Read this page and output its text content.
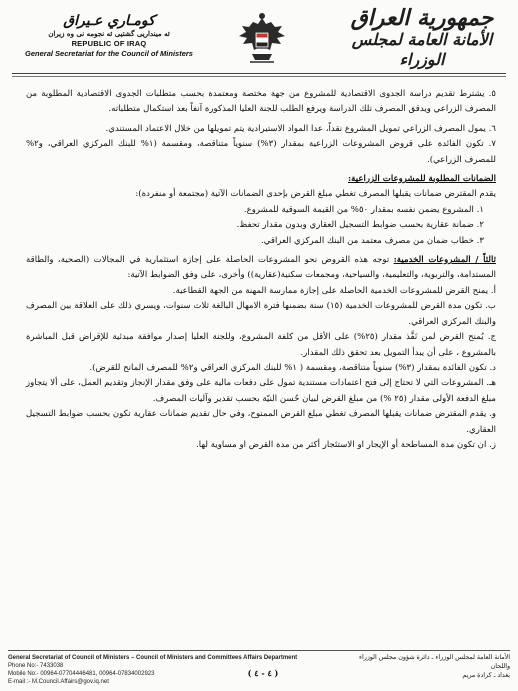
جمهورية العراق
الأمانة العامة لمجلس الوزراء
كومـاري عـيراق
ئه مینداریی گشتیی ئه نجومه نی وه زیران
REPUBLIC OF IRAQ
General Secretariat for the Council of Ministers

٥. يشترط تقديم دراسة الجدوى الاقتصادية للمشروع من جهة مختصة ومعتمدة بحسب متطلبات الجدوى الاقتصادية المطلوبة من المصرف الزراعي ويدقق المصرف تلك الدراسة ويرفع الطلب للجنة العليا المذكورة آنفاً بعد استكمال متطلباته.

٦. يمول المصرف الزراعي تمويل المشروع نقداً، عدا المواد الاستيرادية يتم تمويلها من خلال الاعتماد المستندي.

٧. تكون الفائدة على قروض المشروعات الزراعية بمقدار (٣%) سنوياً متناقصة، ومقسمة (١% للبنك المركزي العراقي، و٢% للمصرف الزراعي).

الضمانات المطلوبة للمشروعات الزراعية:

يقدم المقترض ضمانات يقبلها المصرف تغطي مبلغ القرض بإحدى الضمانات الآتية (مجتمعة أو منفردة):

١. المشروع يضمن نفسه بمقدار ٥٠% من القيمة السوقية للمشروع.

٢. ضمانة عقارية بحسب ضوابط التسجيل العقاري وبدون مقدار تحفظ.

٣. خطاب ضمان من مصرف معتمد من البنك المركزي العراقي.

ثالثاً / المشروعات الخدمية: توجه هذه القروض نحو المشروعات الحاصلة على إجازة استثمارية في المجالات (الصحية، والطاقة المستدامة، والتربوية، والتعليمية، والسياحية، ومجمعات سكنية(عقارية)) وأخرى، على وفق الضوابط الآتية:

أ. يمنح القرض للمشروعات الخدمية الحاصلة على إجازة ممارسة المهنة من الجهة القطاعية.

ب. تكون مدة القرض للمشروعات الخدمية (١٥) سنة بضمنها فترة الامهال البالغة ثلاث سنوات، ويسري ذلك على العلاقة بين المصرف والبنك المركزي العراقي.

ج. يُمنح القرض لمن نَفَّذ مقدار (٢٥%) على الأقل من كلفة المشروع، وللجنة العليا إصدار موافقة مبدئية للإقراض قبل المباشرة بالمشروع ، على أن يبدأ التمويل بعد تحقق ذلك المقدار.

د. تكون الفائدة بمقدار (٣%) سنوياً متناقصة، ومقسمة ( ١% للبنك المركزي العراقي و٢% للمصرف المانح للقرض).

هـ. المشروعات التي لا تحتاج إلى فتح اعتمادات مستندية تمول على دفعات مالية على وفق مقدار الإنجاز وتقديم العمل، على ألا يتجاوز مبلغ الدفعة الأولى مقدار (٢٥ %) من مبلغ القرض لبيان حُسن النيّة بحسب تقدير وآليات المصرف.

و. يقدم المقترض ضمانات يقبلها المصرف تغطي مبلغ القرض الممنوح، وفي حال تقديم ضمانات عقارية تكون بحسب ضوابط التسجيل العقاري.

ز. ان تكون مدة المساطحة أو الإيجار او الاستئجار أكثر من مدة القرض او مساوية لها.

General Secretariat of Council of Ministers – Council of Ministers and Committees Affairs Department
Phone No:- 7433038
Mobile No:- 00964-07704446481, 00964-07834002923
E-mail :- M.Council.Affairs@gov.iq.net
الأمانة العامة لمجلس الوزراء ـ دائرة شؤون مجلس الوزراء واللجان
بغداد ـ كرادة مريم
( ٤ - ٤ )
